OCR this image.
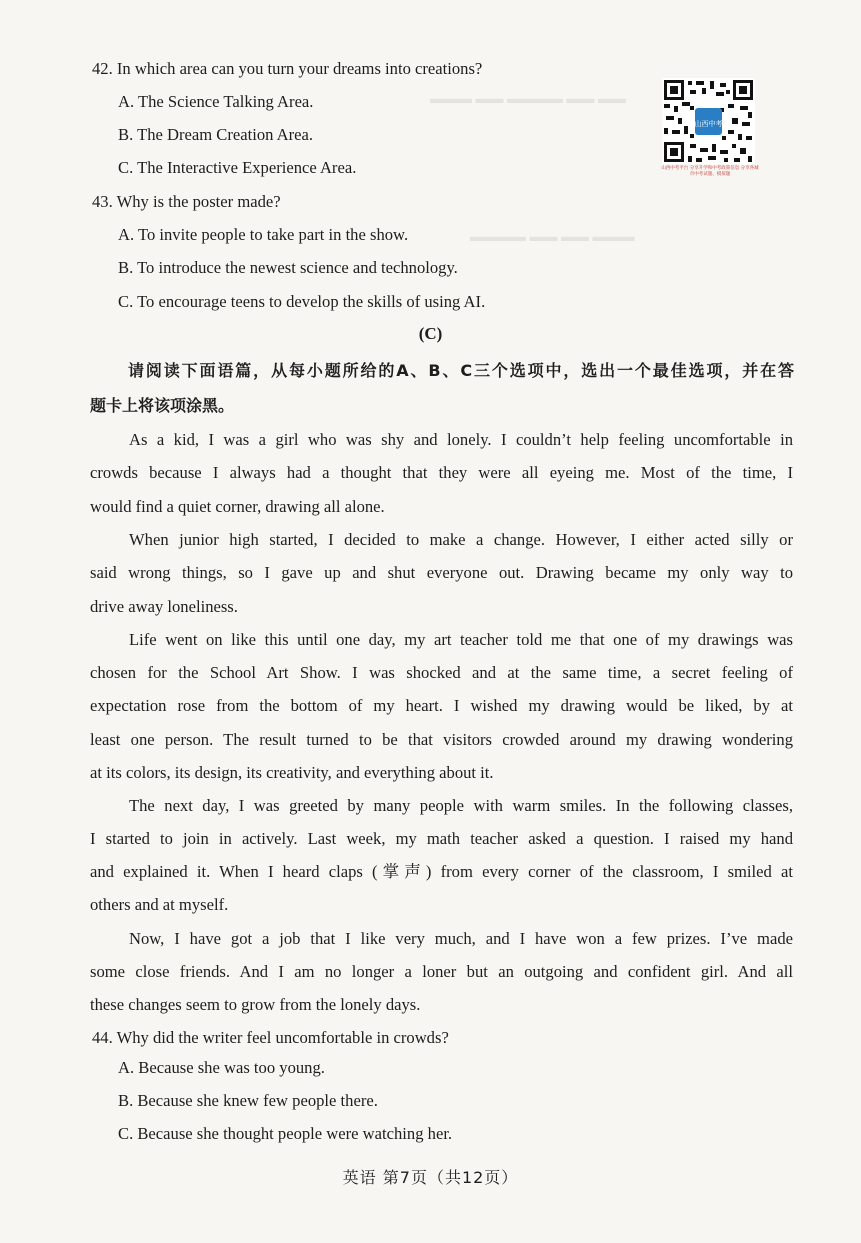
▬▬▬ ▬▬ ▬▬▬▬ ▬▬ ▬▬
▬▬▬▬ ▬▬ ▬▬ ▬▬▬
42. In which area can you turn your dreams into creations?
A. The Science Talking Area.
B. The Dream Creation Area.
C. The Interactive Experience Area.
43. Why is the poster made?
A. To invite people to take part in the show.
B. To introduce the newest science and technology.
C. To encourage teens to develop the skills of using AI.
山西中考
山西中考平台 分享升学和中考政策信息 分享各城市中考试题、模拟题
(C)
请阅读下面语篇，从每小题所给的A、B、C三个选项中，选出一个最佳选项，并在答
题卡上将该项涂黑。
As a kid, I was a girl who was shy and lonely. I couldn’t help feeling uncomfortable in
crowds because I always had a thought that they were all eyeing me. Most of the time, I
would find a quiet corner, drawing all alone.
When junior high started, I decided to make a change. However, I either acted silly or
said wrong things, so I gave up and shut everyone out. Drawing became my only way to
drive away loneliness.
Life went on like this until one day, my art teacher told me that one of my drawings was
chosen for the School Art Show. I was shocked and at the same time, a secret feeling of
expectation rose from the bottom of my heart. I wished my drawing would be liked, by at
least one person. The result turned to be that visitors crowded around my drawing wondering
at its colors, its design, its creativity, and everything about it.
The next day, I was greeted by many people with warm smiles. In the following classes,
I started to join in actively. Last week, my math teacher asked a question. I raised my hand
and explained it. When I heard claps (掌声) from every corner of the classroom, I smiled at
others and at myself.
Now, I have got a job that I like very much, and I have won a few prizes. I’ve made
some close friends. And I am no longer a loner but an outgoing and confident girl. And all
these changes seem to grow from the lonely days.
44. Why did the writer feel uncomfortable in crowds?
A. Because she was too young.
B. Because she knew few people there.
C. Because she thought people were watching her.
英语 第7页（共12页）
